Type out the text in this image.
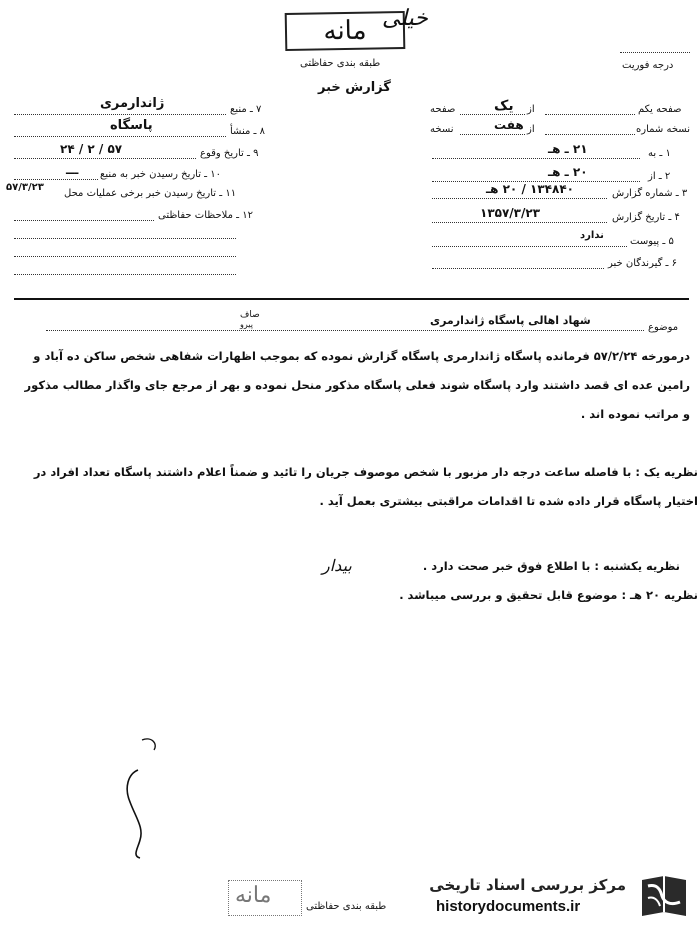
مانه خیلی
طبقه بندی حفاظتی	درجه فوریت
گزارش خبر
صفحه یکم
یک از
صفحه
نسخه شماره
هفت از
نسخه
۱ ـ به
۲۱ ـ هـ
۲ ـ از
۲۰ ـ هـ
۳ ـ شماره گزارش
۱۳۴۸۴۰ / ۲۰ هـ
۴ ـ تاریخ گزارش
۱۳۵۷/۳/۲۳
۵ ـ پیوست
ندارد
۶ ـ گیرندگان خبر
۷ ـ منبع
ژاندارمری
۸ ـ منشأ
پاسگاه
۹ ـ تاریخ وقوع
۲۴ / ۲ / ۵۷
۱۰ ـ تاریخ رسیدن خبر به منبع
ـــ
۱۱ ـ تاریخ رسیدن خبر برخی عملیات محل
۵۷/۳/۲۳
۱۲ ـ ملاحظات حفاظتی
موضوع
شهاد اهالی پاسگاه ژاندارمری
صاف
پیرو
درمورخه ۵۷/۲/۲۴ فرمانده پاسگاه ژاندارمری پاسگاه گزارش نموده که بموجب اظهارات شفاهی شخص ساکن ده آباد و رامین عده ای قصد داشتند وارد پاسگاه شوند فعلی پاسگاه مذکور منحل نموده و بهر از مرجع جای واگذار مطالب مذکور و مراتب نموده اند .
نظریه یک : با فاصله ساعت درجه دار مزبور با شخص موصوف جریان را تائید و ضمناً اعلام داشتند پاسگاه تعداد افراد در اختیار پاسگاه قرار داده شده تا اقدامات مراقبتی بیشتری بعمل آید .
نظریه یکشنبه : با اطلاع فوق خبر صحت دارد .
بیدار
نظریه ۲۰ هـ : موضوع قابل تحقیق و بررسی میباشد .
مانه	طبقه بندی حفاظتی
مرکز بررسی اسناد تاریخی
historydocuments.ir
